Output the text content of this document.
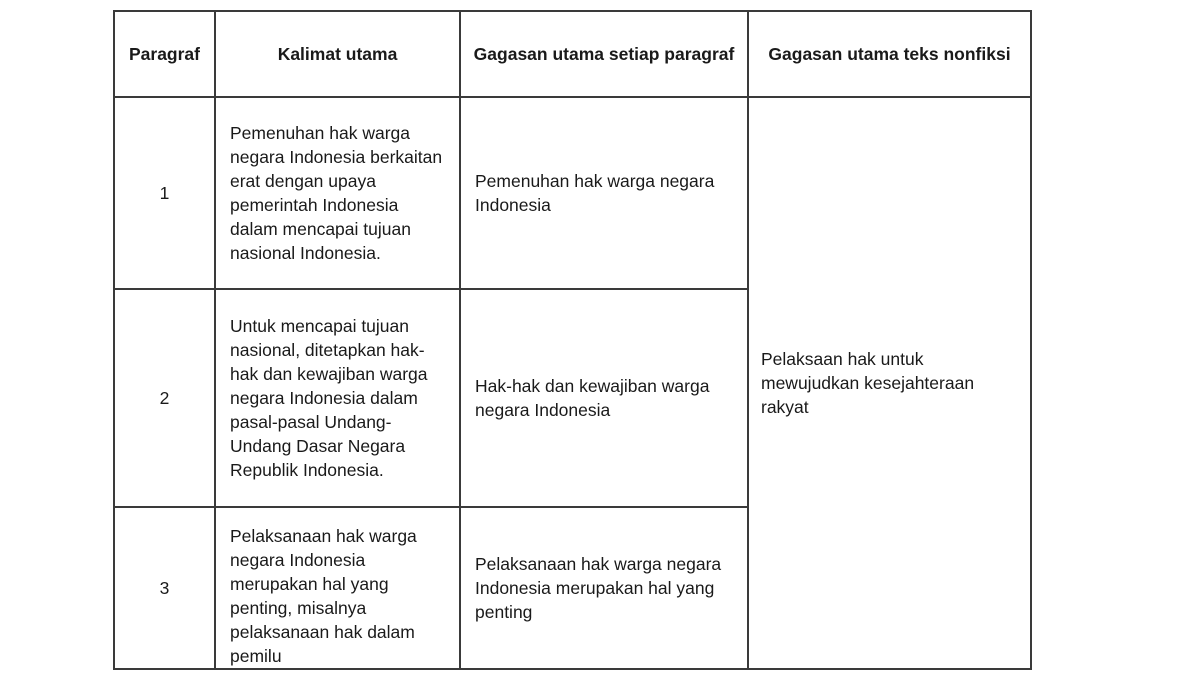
Paragraf	Kalimat utama	Gagasan utama setiap paragraf	Gagasan utama teks nonfiksi
1	Pemenuhan hak warga negara Indonesia berkaitan erat dengan upaya pemerintah Indonesia dalam mencapai tujuan nasional Indonesia.	Pemenuhan hak warga negara Indonesia	Pelaksaan hak untuk mewujudkan kesejahteraan rakyat
2	Untuk mencapai tujuan nasional, ditetapkan hak-hak dan kewajiban warga negara Indonesia dalam pasal-pasal Undang-Undang Dasar Negara Republik Indonesia.	Hak-hak dan kewajiban warga negara Indonesia	
3	Pelaksanaan hak warga negara Indonesia merupakan hal yang penting, misalnya pelaksanaan hak dalam pemilu	Pelaksanaan hak warga negara Indonesia merupakan hal yang penting	
